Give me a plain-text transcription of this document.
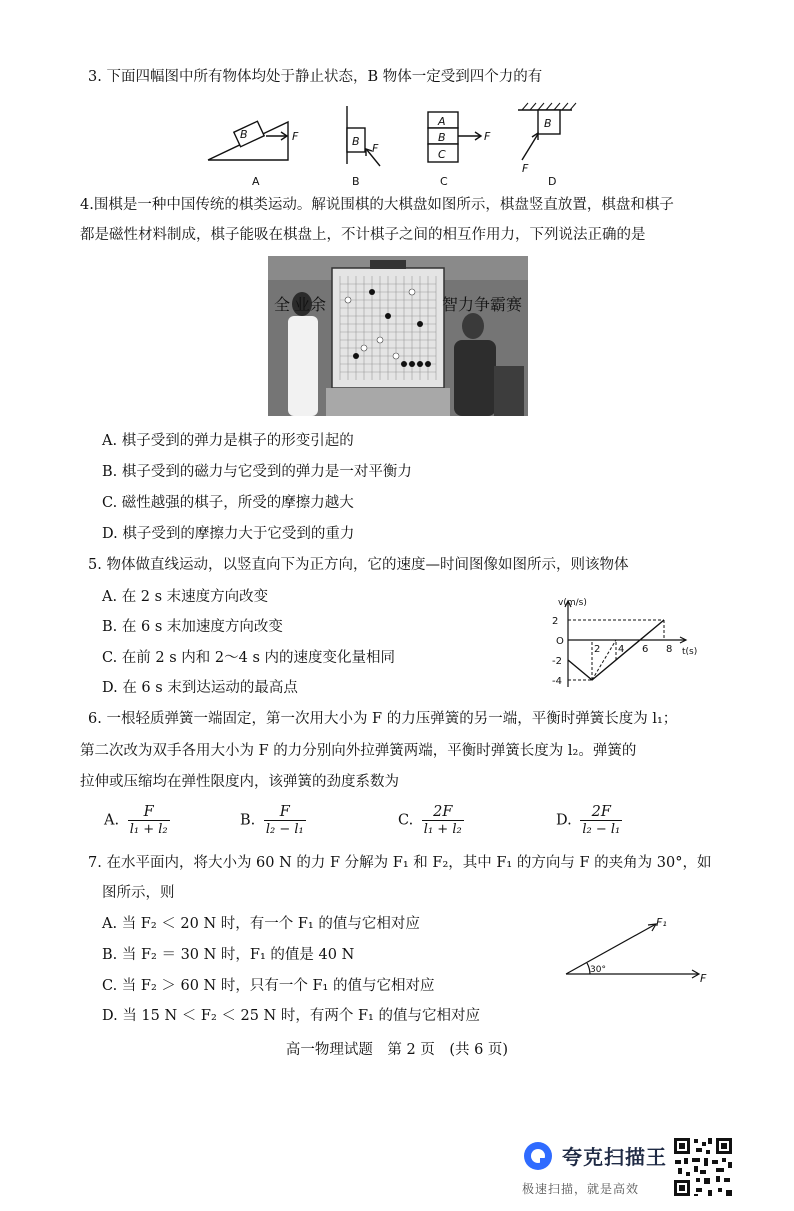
3. 下面四幅图中所有物体均处于静止状态，B 物体一定受到四个力的有
B	F	B
F
A
B
C
F
B
F
A	B	C	D
4.围棋是一种中国传统的棋类运动。解说围棋的大棋盘如图所示，棋盘竖直放置，棋盘和棋子
都是磁性材料制成，棋子能吸在棋盘上，不计棋子之间的相互作用力，下列说法正确的是
全 业余	智力争霸赛
A. 棋子受到的弹力是棋子的形变引起的
B. 棋子受到的磁力与它受到的弹力是一对平衡力
C. 磁性越强的棋子，所受的摩擦力越大
D. 棋子受到的摩擦力大于它受到的重力
5. 物体做直线运动，以竖直向下为正方向，它的速度—时间图像如图所示，则该物体
A. 在 2 s 末速度方向改变
B. 在 6 s 末加速度方向改变
C. 在前 2 s 内和 2～4 s 内的速度变化量相同
D. 在 6 s 末到达运动的最高点
v(m/s)
t(s)
O
2 4 6 8
2
-2
-4
6. 一根轻质弹簧一端固定，第一次用大小为 F 的力压弹簧的另一端，平衡时弹簧长度为 l₁；
第二次改为双手各用大小为 F 的力分别向外拉弹簧两端，平衡时弹簧长度为 l₂。弹簧的
拉伸或压缩均在弹性限度内，该弹簧的劲度系数为
A. $\frac{F}{\text{l₁ + l₂}}$	B. $\frac{F}{\text{l₂ − l₁}}$	C. $\frac{2F}{\text{l₁ + l₂}}$	D. $\frac{2F}{\text{l₂ − l₁}}$
7. 在水平面内，将大小为 60 N 的力 F 分解为 F₁ 和 F₂，其中 F₁ 的方向与 F 的夹角为 30°，如
图所示，则
A. 当 F₂ ＜ 20 N 时，有一个 F₁ 的值与它相对应
B. 当 F₂ ＝ 30 N 时，F₁ 的值是 40 N
C. 当 F₂ ＞ 60 N 时，只有一个 F₁ 的值与它相对应
D. 当 15 N ＜ F₂ ＜ 25 N 时，有两个 F₁ 的值与它相对应
30°
F₁
F
高一物理试题　第 2 页　(共 6 页)
夸克扫描王
极速扫描，就是高效
